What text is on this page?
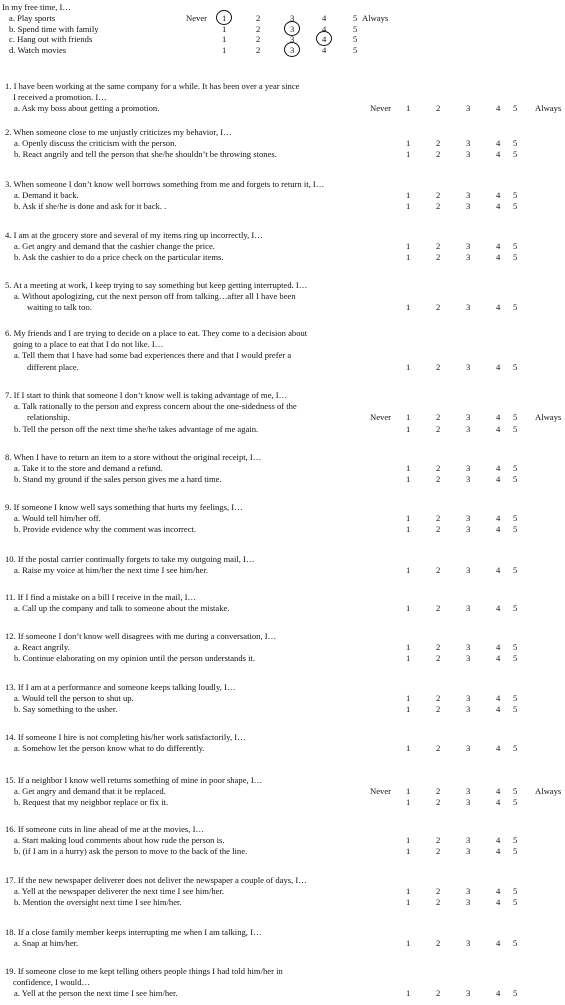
In my free time, I…
Never	Always
a. Play sports	1	2	3	4	5
b. Spend time with family	1	2	3	4	5
c. Hang out with friends	1	2	3	4	5
d. Watch movies	1	2	3	4	5
1. I have been working at the same company for a while. It has been over a year since
I received a promotion. I…
a. Ask my boss about getting a promotion.	1	2	3	4 5
Never	Always
2. When someone close to me unjustly criticizes my behavior, I…
a. Openly discuss the criticism with the person.	1	2	3	4 5
b. React angrily and tell the person that she/he shouldn’t be throwing stones.	1	2	3	4 5
3. When someone I don’t know well borrows something from me and forgets to return it, I…
a. Demand it back.	1	2	3	4 5
b. Ask if she/he is done and ask for it back. .	1	2	3	4 5
4. I am at the grocery store and several of my items ring up incorrectly, I…
a. Get angry and demand that the cashier change the price.	1	2	3	4 5
b. Ask the cashier to do a price check on the particular items.	1	2	3	4 5
5. At a meeting at work, I keep trying to say something but keep getting interrupted. I…
a. Without apologizing, cut the next person off from talking…after all I have been
waiting to talk too.	1	2	3	4 5
6. My friends and I are trying to decide on a place to eat. They come to a decision about
going to a place to eat that I do not like. I…
a. Tell them that I have had some bad experiences there and that I would prefer a
different place.	1	2	3	4 5
7. If I start to think that someone I don’t know well is taking advantage of me, I…
a. Talk rationally to the person and express concern about the one-sidedness of the
relationship.	1	2	3	4 5
Never	Always
b. Tell the person off the next time she/he takes advantage of me again.	1	2	3	4 5
8. When I have to return an item to a store without the original receipt, I…
a. Take it to the store and demand a refund.	1	2	3	4 5
b. Stand my ground if the sales person gives me a hard time.	1	2	3	4 5
9. If someone I know well says something that hurts my feelings, I…
a. Would tell him/her off.	1	2	3	4 5
b. Provide evidence why the comment was incorrect.	1	2	3	4 5
10. If the postal carrier continually forgets to take my outgoing mail, I…
a. Raise my voice at him/her the next time I see him/her.	1	2	3	4 5
11. If I find a mistake on a bill I receive in the mail, I…
a. Call up the company and talk to someone about the mistake.	1	2	3	4 5
12. If someone I don’t know well disagrees with me during a conversation, I…
a. React angrily.	1	2	3	4 5
b. Continue elaborating on my opinion until the person understands it.	1	2	3	4 5
13. If I am at a performance and someone keeps talking loudly, I…
a. Would tell the person to shut up.	1	2	3	4 5
b. Say something to the usher.	1	2	3	4 5
14. If someone I hire is not completing his/her work satisfactorily, I…
a. Somehow let the person know what to do differently.	1	2	3	4 5
15. If a neighbor I know well returns something of mine in poor shape, I…
a. Get angry and demand that it be replaced.	1	2	3	4 5
Never	Always
b. Request that my neighbor replace or fix it.	1	2	3	4 5
16. If someone cuts in line ahead of me at the movies, I…
a. Start making loud comments about how rude the person is.	1	2	3	4 5
b. (if I am in a hurry) ask the person to move to the back of the line.	1	2	3	4 5
17. If the new newspaper deliverer does not deliver the newspaper a couple of days, I…
a. Yell at the newspaper deliverer the next time I see him/her.	1	2	3	4 5
b. Mention the oversight next time I see him/her.	1	2	3	4 5
18. If a close family member keeps interrupting me when I am talking, I…
a. Snap at him/her.	1	2	3	4 5
19. If someone close to me kept telling others people things I had told him/her in
confidence, I would…
a. Yell at the person the next time I see him/her.	1	2	3	4 5
